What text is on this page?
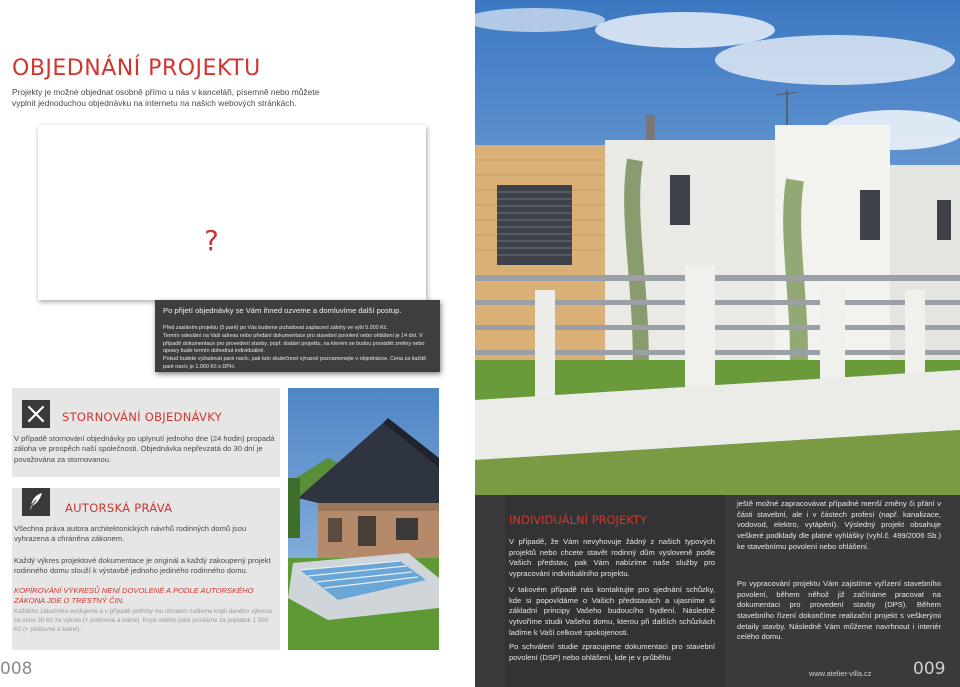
OBJEDNÁNÍ PROJEKTU
Projekty je možné objednat osobně přímo u nás v kanceláři, písemně nebo můžete vyplnit jednoduchou objednávku na internetu na našich webových stránkách.
?
Po přijetí objednávky se Vám ihned ozveme a domluvíme další postup.
Před zasláním projektu (5 paré) po Vás budeme požadovat zaplacení zálohy ve výši 5.000 Kč.
Termín odeslání na Vaši adresu nebo předání dokumentace pro stavební povolení nebo ohlášení je 14 dní. V případě dokumentace pro provedení stavby, popř. dodání projektu, na kterém se budou provádět změny nebo úpravy bude termín dohodnut individuálně.
Pokud budete vyžadovat paré navíc, pak tuto skutečnost výrazně poznamenejte v objednávce. Cena za každé paré navíc je 1.000 Kč s DPH.
STORNOVÁNÍ OBJEDNÁVKY
V případě stornování objednávky po uplynutí jednoho dne (24 hodin) propadá záloha ve prospěch naší společnosti. Objednávka nepřevzatá do 30 dní je považována za stornovanou.
AUTORSKÁ PRÁVA
Všechna práva autora architektonických návrhů rodinných domů jsou vyhrazena a chráněna zákonem.
Každý výkres projektové dokumentace je originál a každý zakoupený projekt rodinného domu slouží k výstavbě jednoho jediného rodinného domu.
KOPÍROVÁNÍ VÝKRESŮ NENÍ DOVOLENÉ A PODLE AUTORSKÉHO ZÁKONA JDE O TRESTNÝ ČIN.
Každého zákazníka evidujeme a v případě potřeby mu obratem zašleme kopii daného výkresu za cenu 30 Kč za výkres (+ poštovné a balné). Kopii celého paré posíláme za poplatek 1 000 Kč (+ poštovné a balné).
008
INDIVIDUÁLNÍ PROJEKTY
V případě, že Vám nevyhovuje žádný z našich typových projektů nebo chcete stavět rodinný dům vysloveně podle Vašich představ, pak Vám nabízíme naše služby pro vypracování individuálního projektu.
V takovém případě nás kontaktujte pro sjednání schůzky, kde si popovídáme o Vašich představách a ujasníme si základní principy Vašeho budoucího bydlení. Následně vytvoříme studii Vašeho domu, kterou při dalších schůzkách ladíme k Vaší celkové spokojenosti.
Po schválení studie zpracujeme dokumentaci pro stavební povolení (DSP) nebo ohlášení, kde je v průběhu
ještě možné zapracovávat případné menší změny či přání v části stavební, ale i v částech profesí (např. kanalizace, vodovod, elektro, vytápění). Výsledný projekt obsahuje veškeré podklady dle platné vyhlášky (vyhl.č. 499/2006 Sb.) ke stavebnímu povolení nebo ohlášení.
Po vypracování projektu Vám zajistíme vyřízení stavebního povolení, během něhož již začínáme pracovat na dokumentaci pro provedení stavby (DPS). Během stavebního řízení dokončíme realizační projekt s veškerými detaily stavby. Následně Vám můžeme navrhnout i interiér celého domu.
www.atelier-villa.cz 009
